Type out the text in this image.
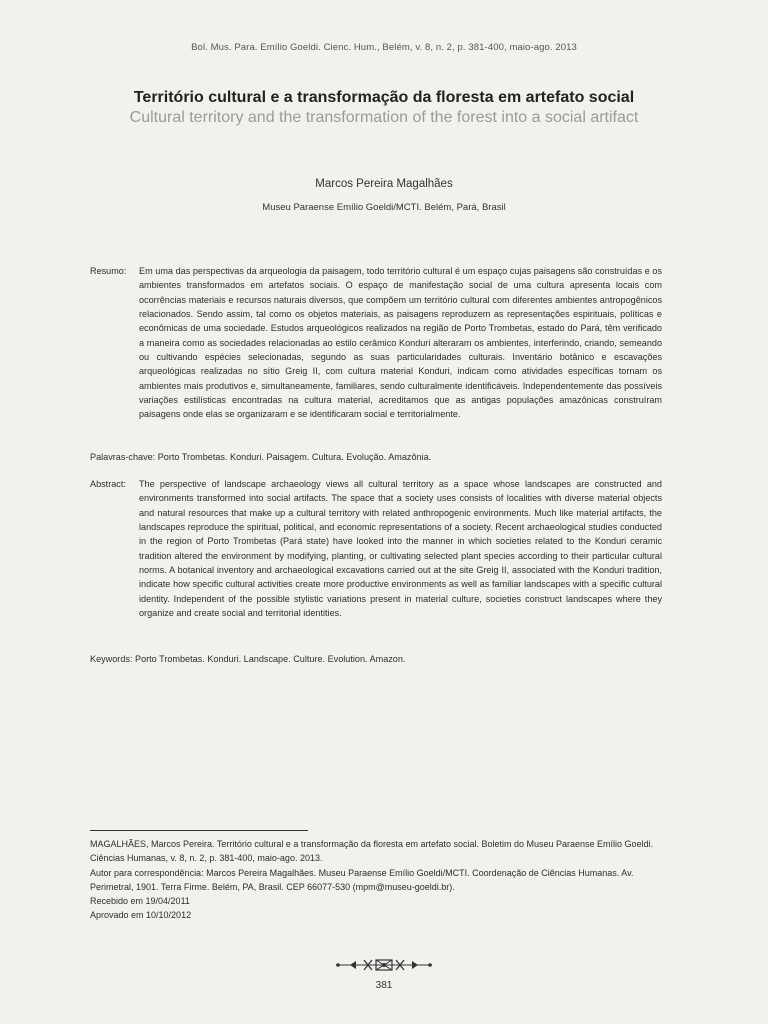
Bol. Mus. Para. Emílio Goeldi. Cienc. Hum., Belém, v. 8, n. 2, p. 381-400, maio-ago. 2013
Território cultural e a transformação da floresta em artefato social
Cultural territory and the transformation of the forest into a social artifact
Marcos Pereira Magalhães
Museu Paraense Emílio Goeldi/MCTI. Belém, Pará, Brasil
Resumo:	Em uma das perspectivas da arqueologia da paisagem, todo território cultural é um espaço cujas paisagens são construídas e os ambientes transformados em artefatos sociais. O espaço de manifestação social de uma cultura apresenta locais com ocorrências materiais e recursos naturais diversos, que compõem um território cultural com diferentes ambientes antropogênicos relacionados. Sendo assim, tal como os objetos materiais, as paisagens reproduzem as representações espirituais, políticas e econômicas de uma sociedade. Estudos arqueológicos realizados na região de Porto Trombetas, estado do Pará, têm verificado a maneira como as sociedades relacionadas ao estilo cerâmico Konduri alteraram os ambientes, interferindo, criando, semeando ou cultivando espécies selecionadas, segundo as suas particularidades culturais. Inventário botânico e escavações arqueológicas realizadas no sítio Greig II, com cultura material Konduri, indicam como atividades específicas tornam os ambientes mais produtivos e, simultaneamente, familiares, sendo culturalmente identificáveis. Independentemente das possíveis variações estilísticas encontradas na cultura material, acreditamos que as antigas populações amazônicas construíram paisagens onde elas se organizaram e se identificaram social e territorialmente.
Palavras-chave: Porto Trombetas. Konduri. Paisagem. Cultura. Evolução. Amazônia.
Abstract:	The perspective of landscape archaeology views all cultural territory as a space whose landscapes are constructed and environments transformed into social artifacts. The space that a society uses consists of localities with diverse material objects and natural resources that make up a cultural territory with related anthropogenic environments. Much like material artifacts, the landscapes reproduce the spiritual, political, and economic representations of a society. Recent archaeological studies conducted in the region of Porto Trombetas (Pará state) have looked into the manner in which societies related to the Konduri ceramic tradition altered the environment by modifying, planting, or cultivating selected plant species according to their particular cultural norms. A botanical inventory and archaeological excavations carried out at the site Greig II, associated with the Konduri tradition, indicate how specific cultural activities create more productive environments as well as familiar landscapes with a specific cultural identity. Independent of the possible stylistic variations present in material culture, societies construct landscapes where they organize and create social and territorial identities.
Keywords: Porto Trombetas. Konduri. Landscape. Culture. Evolution. Amazon.

MAGALHÃES, Marcos Pereira. Território cultural e a transformação da floresta em artefato social. Boletim do Museu Paraense Emílio Goeldi. Ciências Humanas, v. 8, n. 2, p. 381-400, maio-ago. 2013.

Autor para correspondência: Marcos Pereira Magalhães. Museu Paraense Emílio Goeldi/MCTI. Coordenação de Ciências Humanas. Av. Perimetral, 1901. Terra Firme. Belém, PA, Brasil. CEP 66077-530 (mpm@museu-goeldi.br).

Recebido em 19/04/2011

Aprovado em 10/10/2012

381
